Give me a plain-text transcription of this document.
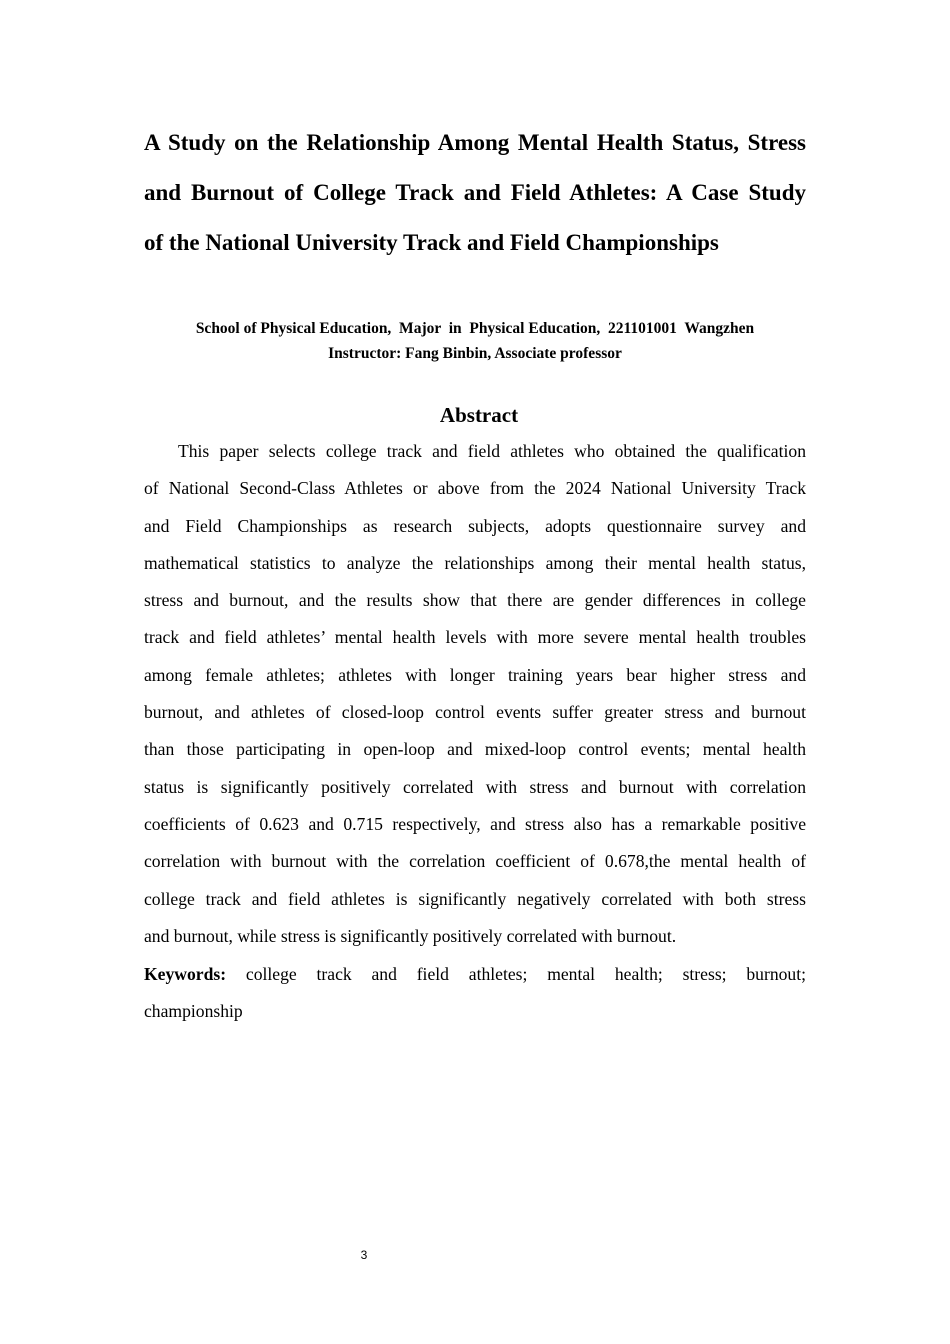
A Study on the Relationship Among Mental Health Status, Stress
and Burnout of College Track and Field Athletes: A Case Study
of the National University Track and Field Championships

School of Physical Education,  Major  in  Physical Education,  221101001  Wangzhen

Instructor: Fang Binbin, Associate professor

Abstract
This paper selects college track and field athletes who obtained the qualification
of National Second-Class Athletes or above from the 2024 National University Track
and Field Championships as research subjects, adopts questionnaire survey and
mathematical statistics to analyze the relationships among their mental health status,
stress and burnout, and the results show that there are gender differences in college
track and field athletes’ mental health levels with more severe mental health troubles
among female athletes; athletes with longer training years bear higher stress and
burnout, and athletes of closed-loop control events suffer greater stress and burnout
than those participating in open-loop and mixed-loop control events; mental health
status is significantly positively correlated with stress and burnout with correlation
coefficients of 0.623 and 0.715 respectively, and stress also has a remarkable positive
correlation with burnout with the correlation coefficient of 0.678,the mental health of
college track and field athletes is significantly negatively correlated with both stress
and burnout, while stress is significantly positively correlated with burnout.
Keywords: college track and field athletes; mental health; stress; burnout;
championship

3
